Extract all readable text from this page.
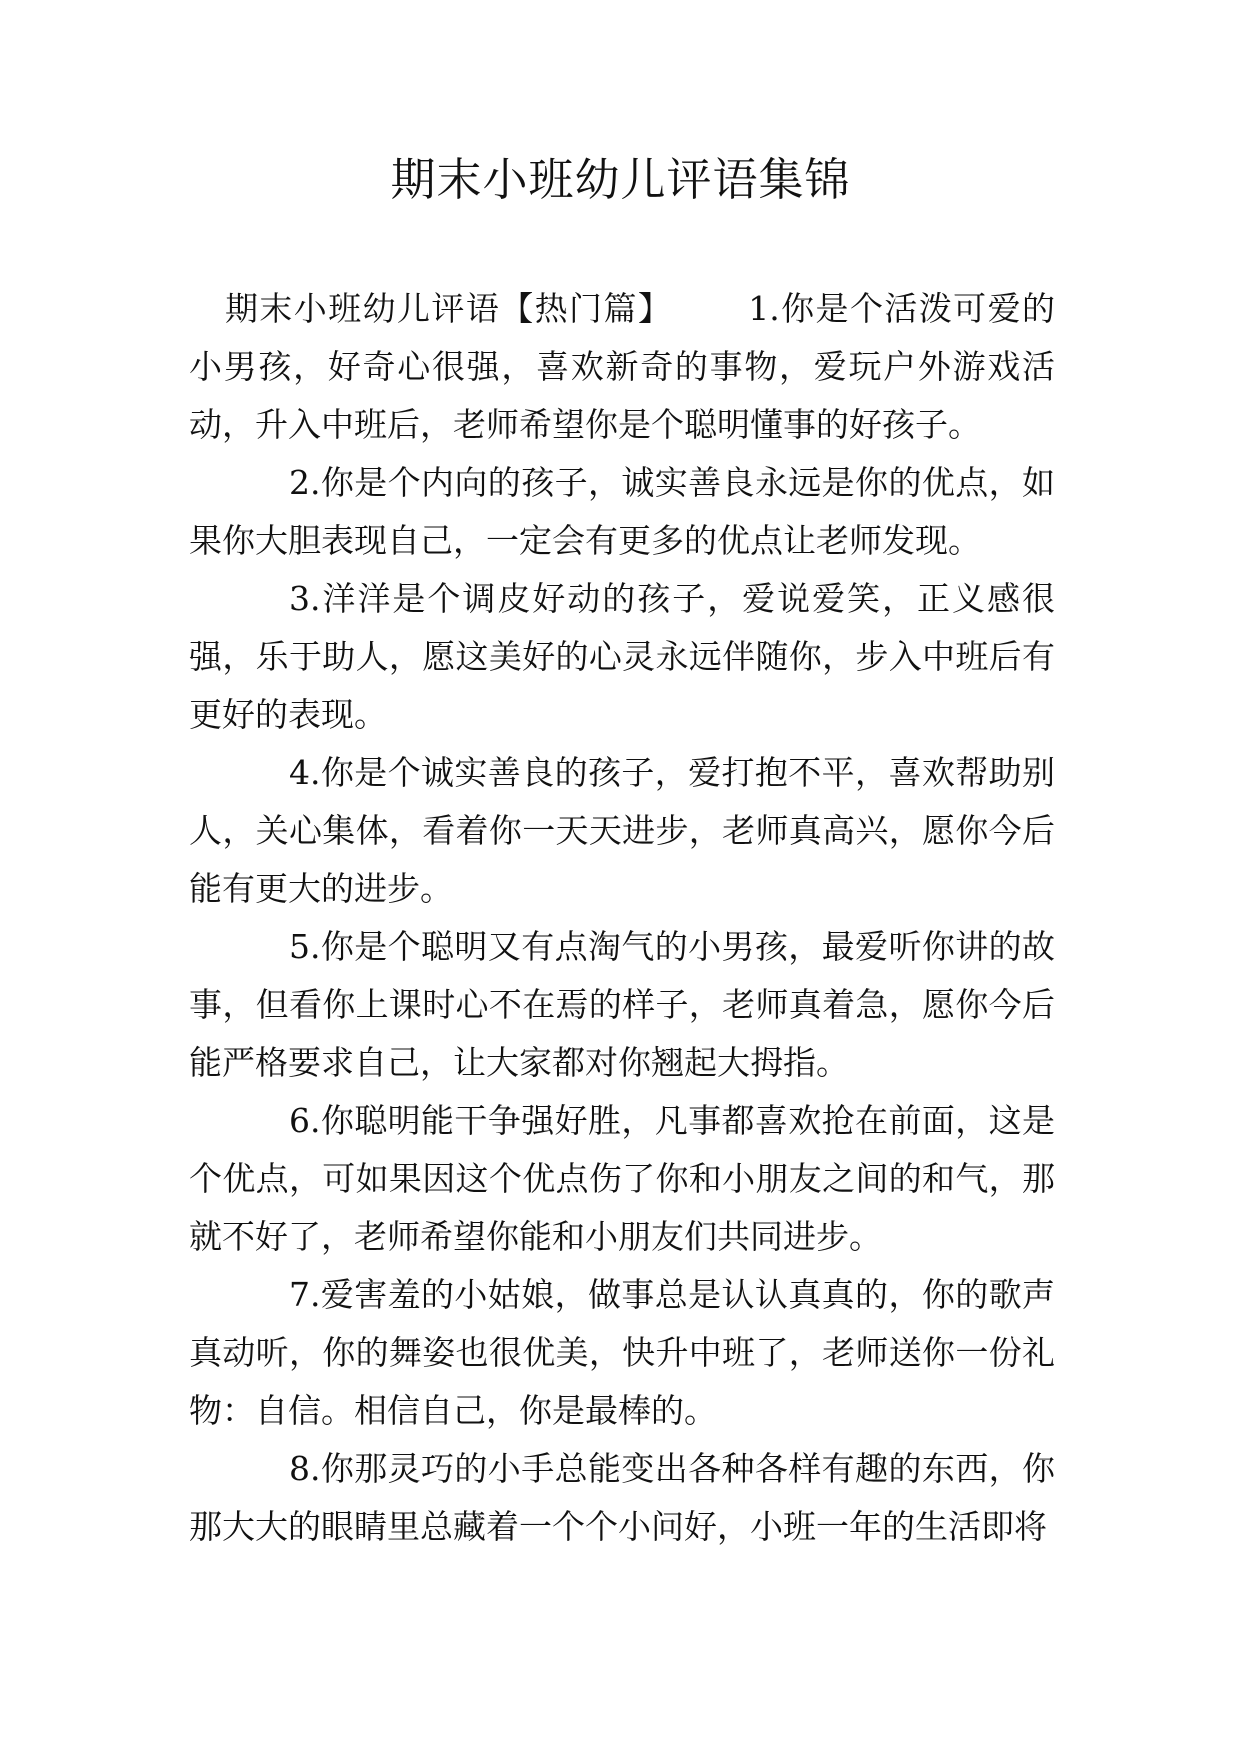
期末小班幼儿评语集锦

期末小班幼儿评语【热门篇】 1.你是个活泼可爱的小男孩，好奇心很强，喜欢新奇的事物，爱玩户外游戏活动，升入中班后，老师希望你是个聪明懂事的好孩子。

2.你是个内向的孩子，诚实善良永远是你的优点，如果你大胆表现自己，一定会有更多的优点让老师发现。

3.洋洋是个调皮好动的孩子，爱说爱笑，正义感很强，乐于助人，愿这美好的心灵永远伴随你，步入中班后有更好的表现。

4.你是个诚实善良的孩子，爱打抱不平，喜欢帮助别人，关心集体，看着你一天天进步，老师真高兴，愿你今后能有更大的进步。

5.你是个聪明又有点淘气的小男孩，最爱听你讲的故事，但看你上课时心不在焉的样子，老师真着急，愿你今后能严格要求自己，让大家都对你翘起大拇指。

6.你聪明能干争强好胜，凡事都喜欢抢在前面，这是个优点，可如果因这个优点伤了你和小朋友之间的和气，那就不好了，老师希望你能和小朋友们共同进步。

7.爱害羞的小姑娘，做事总是认认真真的，你的歌声真动听，你的舞姿也很优美，快升中班了，老师送你一份礼物：自信。相信自己，你是最棒的。

8.你那灵巧的小手总能变出各种各样有趣的东西，你那大大的眼睛里总藏着一个个小问好，小班一年的生活即将
